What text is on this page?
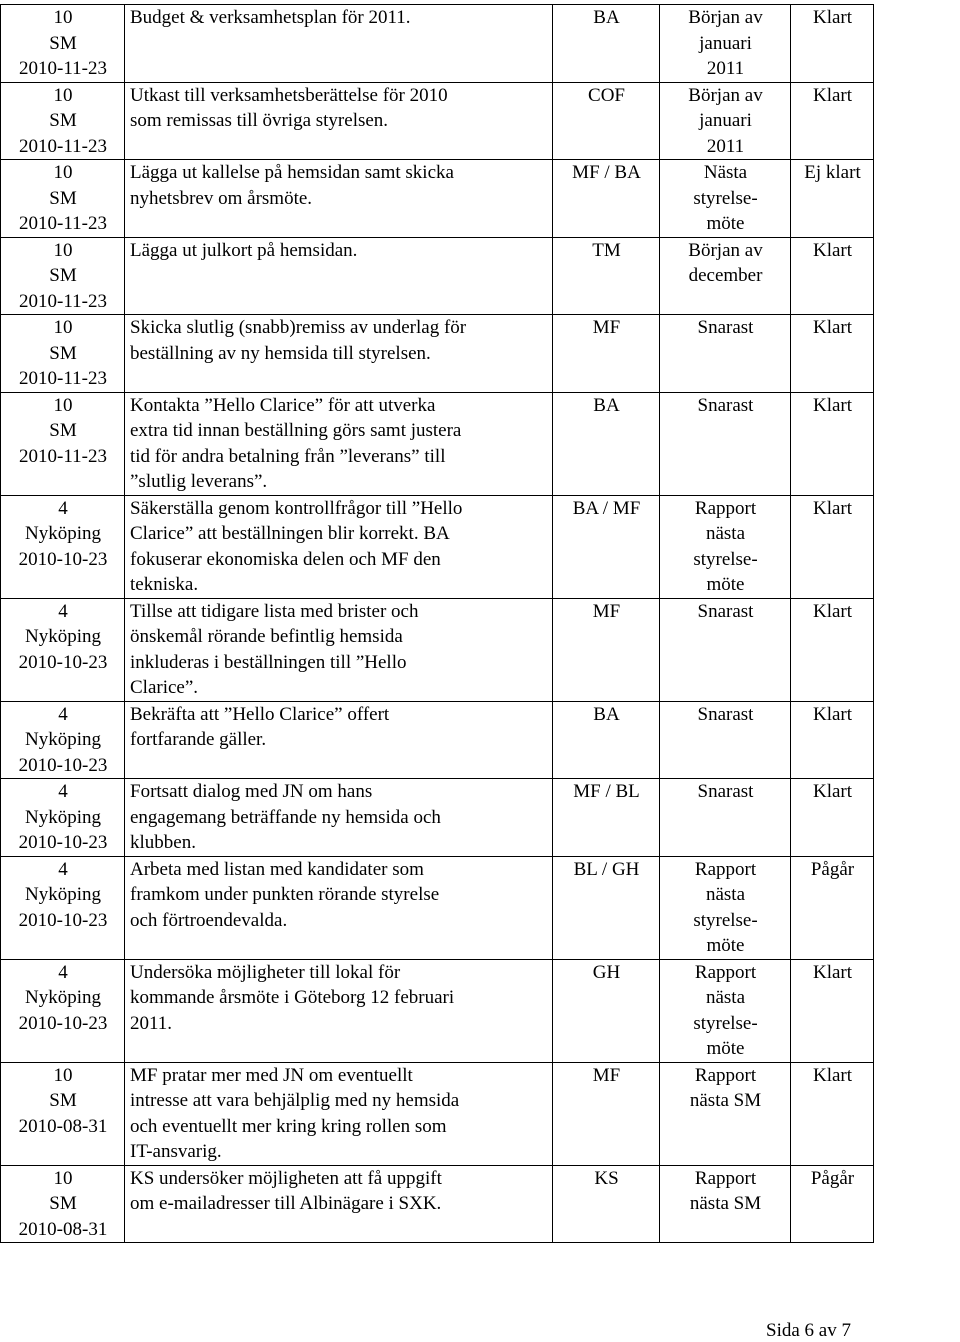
10
SM
2010-11-23	Budget & verksamhetsplan för 2011.	BA	Början av
januari
2011	Klart

10
SM
2010-11-23	Utkast till verksamhetsberättelse för 2010
som remissas till övriga styrelsen.	COF	Början av
januari
2011	Klart

10
SM
2010-11-23	Lägga ut kallelse på hemsidan samt skicka
nyhetsbrev om årsmöte.	MF / BA	Nästa
styrelse-
möte	Ej klart

10
SM
2010-11-23	Lägga ut julkort på hemsidan.	TM	Början av
december	Klart

10
SM
2010-11-23	Skicka slutlig (snabb)remiss av underlag för
beställning av ny hemsida till styrelsen.	MF	Snarast	Klart

10
SM
2010-11-23	Kontakta ”Hello Clarice” för att utverka
extra tid innan beställning görs samt justera
tid för andra betalning från ”leverans” till
”slutlig leverans”.	BA	Snarast	Klart

4
Nyköping
2010-10-23	Säkerställa genom kontrollfrågor till ”Hello
Clarice” att beställningen blir korrekt. BA
fokuserar ekonomiska delen och MF den
tekniska.	BA / MF	Rapport
nästa
styrelse-
möte	Klart

4
Nyköping
2010-10-23	Tillse att tidigare lista med brister och
önskemål rörande befintlig hemsida
inkluderas i beställningen till ”Hello
Clarice”.	MF	Snarast	Klart

4
Nyköping
2010-10-23	Bekräfta att ”Hello Clarice” offert
fortfarande gäller.	BA	Snarast	Klart

4
Nyköping
2010-10-23	Fortsatt dialog med JN om hans
engagemang beträffande ny hemsida och
klubben.	MF / BL	Snarast	Klart

4
Nyköping
2010-10-23	Arbeta med listan med kandidater som
framkom under punkten rörande styrelse
och förtroendevalda.	BL / GH	Rapport
nästa
styrelse-
möte	Pågår

4
Nyköping
2010-10-23	Undersöka möjligheter till lokal för
kommande årsmöte i Göteborg 12 februari
2011.	GH	Rapport
nästa
styrelse-
möte	Klart

10
SM
2010-08-31	MF pratar mer med JN om eventuellt
intresse att vara behjälplig med ny hemsida
och eventuellt mer kring kring rollen som
IT-ansvarig.	MF	Rapport
nästa SM	Klart

10
SM
2010-08-31	KS undersöker möjligheten att få uppgift
om e-mailadresser till Albinägare i SXK.	KS	Rapport
nästa SM	Pågår
Sida 6 av 7
